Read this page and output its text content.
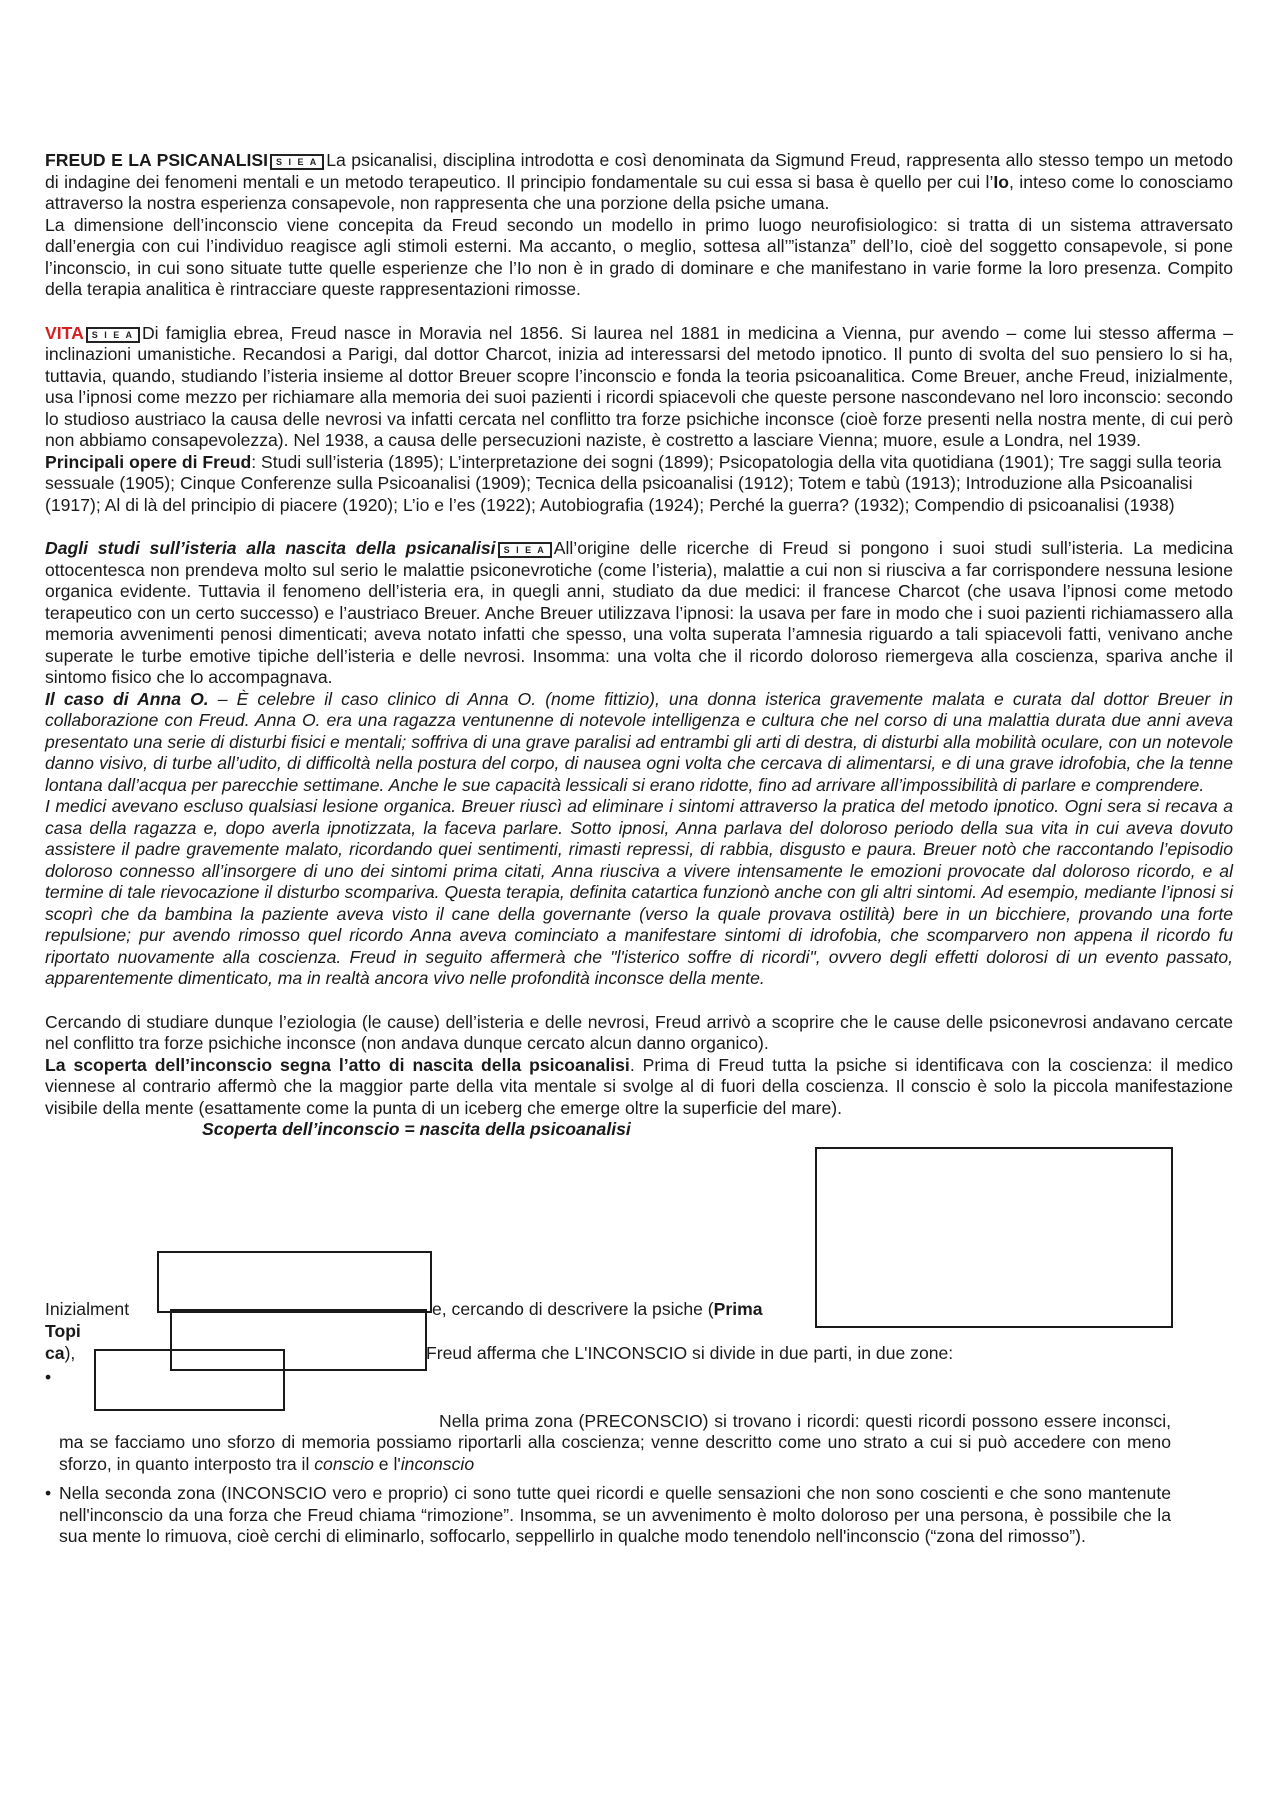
FREUD E LA PSICANALISI S I E A La psicanalisi, disciplina introdotta e così denominata da Sigmund Freud, rappresenta allo stesso tempo un metodo di indagine dei fenomeni mentali e un metodo terapeutico. Il principio fondamentale su cui essa si basa è quello per cui l’Io, inteso come lo conosciamo attraverso la nostra esperienza consapevole, non rappresenta che una porzione della psiche umana.

La dimensione dell’inconscio viene concepita da Freud secondo un modello in primo luogo neurofisiologico: si tratta di un sistema attraversato dall’energia con cui l’individuo reagisce agli stimoli esterni. Ma accanto, o meglio, sottesa all’”istanza” dell’Io, cioè del soggetto consapevole, si pone l’inconscio, in cui sono situate tutte quelle esperienze che l’Io non è in grado di dominare e che manifestano in varie forme la loro presenza. Compito della terapia analitica è rintracciare queste rappresentazioni rimosse.

VITA S I E A Di famiglia ebrea, Freud nasce in Moravia nel 1856. Si laurea nel 1881 in medicina a Vienna, pur avendo – come lui stesso afferma – inclinazioni umanistiche. Recandosi a Parigi, dal dottor Charcot, inizia ad interessarsi del metodo ipnotico. Il punto di svolta del suo pensiero lo si ha, tuttavia, quando, studiando l’isteria insieme al dottor Breuer scopre l’inconscio e fonda la teoria psicoanalitica. Come Breuer, anche Freud, inizialmente, usa l’ipnosi come mezzo per richiamare alla memoria dei suoi pazienti i ricordi spiacevoli che queste persone nascondevano nel loro inconscio: secondo lo studioso austriaco la causa delle nevrosi va infatti cercata nel conflitto tra forze psichiche inconsce (cioè forze presenti nella nostra mente, di cui però non abbiamo consapevolezza). Nel 1938, a causa delle persecuzioni naziste, è costretto a lasciare Vienna; muore, esule a Londra, nel 1939.

Principali opere di Freud: Studi sull’isteria (1895); L’interpretazione dei sogni (1899); Psicopatologia della vita quotidiana (1901); Tre saggi sulla teoria sessuale (1905); Cinque Conferenze sulla Psicoanalisi (1909); Tecnica della psicoanalisi (1912); Totem e tabù (1913); Introduzione alla Psicoanalisi (1917); Al di là del principio di piacere (1920); L’io e l’es (1922); Autobiografia (1924); Perché la guerra? (1932); Compendio di psicoanalisi (1938)

Dagli studi sull’isteria alla nascita della psicanalisi S I E A All’origine delle ricerche di Freud si pongono i suoi studi sull’isteria. La medicina ottocentesca non prendeva molto sul serio le malattie psiconevrotiche (come l’isteria), malattie a cui non si riusciva a far corrispondere nessuna lesione organica evidente. Tuttavia il fenomeno dell’isteria era, in quegli anni, studiato da due medici: il francese Charcot (che usava l’ipnosi come metodo terapeutico con un certo successo) e l’austriaco Breuer. Anche Breuer utilizzava l’ipnosi: la usava per fare in modo che i suoi pazienti richiamassero alla memoria avvenimenti penosi dimenticati; aveva notato infatti che spesso, una volta superata l’amnesia riguardo a tali spiacevoli fatti, venivano anche superate le turbe emotive tipiche dell’isteria e delle nevrosi. Insomma: una volta che il ricordo doloroso riemergeva alla coscienza, spariva anche il sintomo fisico che lo accompagnava.

Il caso di Anna O. – È celebre il caso clinico di Anna O. (nome fittizio), una donna isterica gravemente malata e curata dal dottor Breuer in collaborazione con Freud. Anna O. era una ragazza ventunenne di notevole intelligenza e cultura che nel corso di una malattia durata due anni aveva presentato una serie di disturbi fisici e mentali; soffriva di una grave paralisi ad entrambi gli arti di destra, di disturbi alla mobilità oculare, con un notevole danno visivo, di turbe all’udito, di difficoltà nella postura del corpo, di nausea ogni volta che cercava di alimentarsi, e di una grave idrofobia, che la tenne lontana dall’acqua per parecchie settimane. Anche le sue capacità lessicali si erano ridotte, fino ad arrivare all’impossibilità di parlare e comprendere.

I medici avevano escluso qualsiasi lesione organica. Breuer riuscì ad eliminare i sintomi attraverso la pratica del metodo ipnotico. Ogni sera si recava a casa della ragazza e, dopo averla ipnotizzata, la faceva parlare. Sotto ipnosi, Anna parlava del doloroso periodo della sua vita in cui aveva dovuto assistere il padre gravemente malato, ricordando quei sentimenti, rimasti repressi, di rabbia, disgusto e paura. Breuer notò che raccontando l’episodio doloroso connesso all’insorgere di uno dei sintomi prima citati, Anna riusciva a vivere intensamente le emozioni provocate dal doloroso ricordo, e al termine di tale rievocazione il disturbo scompariva. Questa terapia, definita catartica funzionò anche con gli altri sintomi. Ad esempio, mediante l’ipnosi si scoprì che da bambina la paziente aveva visto il cane della governante (verso la quale provava ostilità) bere in un bicchiere, provando una forte repulsione; pur avendo rimosso quel ricordo Anna aveva cominciato a manifestare sintomi di idrofobia, che scomparvero non appena il ricordo fu riportato nuovamente alla coscienza. Freud in seguito affermerà che "l'isterico soffre di ricordi", ovvero degli effetti dolorosi di un evento passato, apparentemente dimenticato, ma in realtà ancora vivo nelle profondità inconsce della mente.

Cercando di studiare dunque l’eziologia (le cause) dell’isteria e delle nevrosi, Freud arrivò a scoprire che le cause delle psiconevrosi andavano cercate nel conflitto tra forze psichiche inconsce (non andava dunque cercato alcun danno organico).

La scoperta dell’inconscio segna l’atto di nascita della psicoanalisi. Prima di Freud tutta la psiche si identificava con la coscienza: il medico viennese al contrario affermò che la maggior parte della vita mentale si svolge al di fuori della coscienza. Il conscio è solo la piccola manifestazione visibile della mente (esattamente come la punta di un iceberg che emerge oltre la superficie del mare).

Scoperta dell’inconscio = nascita della psicoanalisi

Inizialment	e, cercando di descrivere la psiche (Prima
Topi
ca),	Freud afferma che L'INCONSCIO si divide in due parti, in due zone:
•

Nella prima zona (PRECONSCIO) si trovano i ricordi: questi ricordi possono essere inconsci, ma se facciamo uno sforzo di memoria possiamo riportarli alla coscienza; venne descritto come uno strato a cui si può accedere con meno sforzo, in quanto interposto tra il conscio e l'inconscio

• Nella seconda zona (INCONSCIO vero e proprio) ci sono tutte quei ricordi e quelle sensazioni che non sono coscienti e che sono mantenute nell'inconscio da una forza che Freud chiama “rimozione”. Insomma, se un avvenimento è molto doloroso per una persona, è possibile che la sua mente lo rimuova, cioè cerchi di eliminarlo, soffocarlo, seppellirlo in qualche modo tenendolo nell'inconscio (“zona del rimosso”).
